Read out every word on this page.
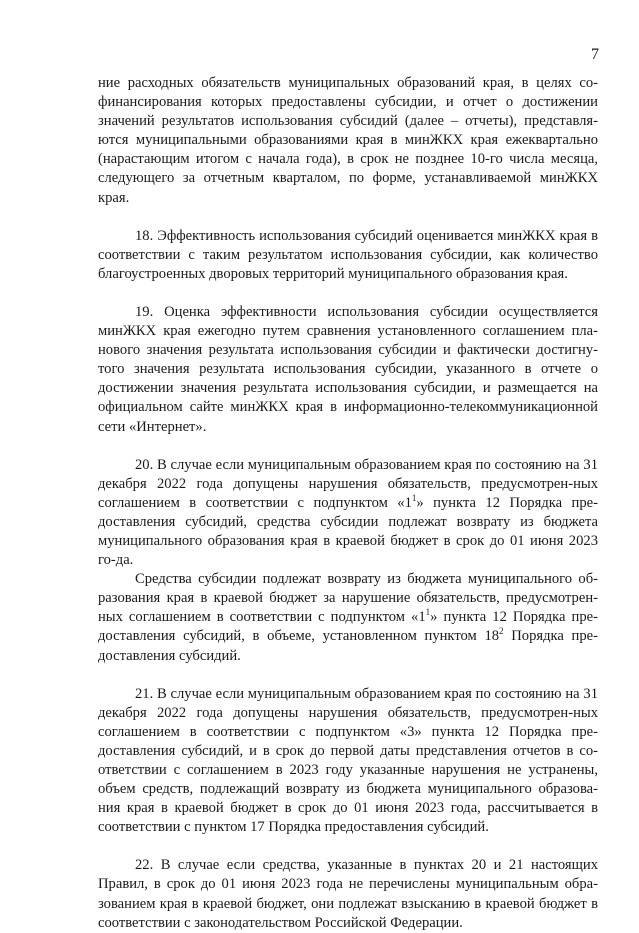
7

ние расходных обязательств муниципальных образований края, в целях со-финансирования которых предоставлены субсидии, и отчет о достижении значений результатов использования субсидий (далее – отчеты), представля-ются муниципальными образованиями края в минЖКХ края ежеквартально (нарастающим итогом с начала года), в срок не позднее 10-го числа месяца, следующего за отчетным кварталом, по форме, устанавливаемой минЖКХ края.

18. Эффективность использования субсидий оценивается минЖКХ края в соответствии с таким результатом использования субсидии, как количество благоустроенных дворовых территорий муниципального образования края.

19. Оценка эффективности использования субсидии осуществляется минЖКХ края ежегодно путем сравнения установленного соглашением пла-нового значения результата использования субсидии и фактически достигну-того значения результата использования субсидии, указанного в отчете о достижении значения результата использования субсидии, и размещается на официальном сайте минЖКХ края в информационно-телекоммуникационной сети «Интернет».

20. В случае если муниципальным образованием края по состоянию на 31 декабря 2022 года допущены нарушения обязательств, предусмотрен-ных соглашением в соответствии с подпунктом «$1^1$» пункта 12 Порядка пре-доставления субсидий, средства субсидии подлежат возврату из бюджета муниципального образования края в краевой бюджет в срок до 01 июня 2023 го-да.

Средства субсидии подлежат возврату из бюджета муниципального об-разования края в краевой бюджет за нарушение обязательств, предусмотрен-ных соглашением в соответствии с подпунктом «$1^1$» пункта 12 Порядка пре-доставления субсидий, в объеме, установленном пунктом $18^2$ Порядка пре-доставления субсидий.

21. В случае если муниципальным образованием края по состоянию на 31 декабря 2022 года допущены нарушения обязательств, предусмотрен-ных соглашением в соответствии с подпунктом «3» пункта 12 Порядка пре-доставления субсидий, и в срок до первой даты представления отчетов в со-ответствии с соглашением в 2023 году указанные нарушения не устранены, объем средств, подлежащий возврату из бюджета муниципального образова-ния края в краевой бюджет в срок до 01 июня 2023 года, рассчитывается в соответствии с пунктом 17 Порядка предоставления субсидий.

22. В случае если средства, указанные в пунктах 20 и 21 настоящих Правил, в срок до 01 июня 2023 года не перечислены муниципальным обра-зованием края в краевой бюджет, они подлежат взысканию в краевой бюджет в соответствии с законодательством Российской Федерации.
